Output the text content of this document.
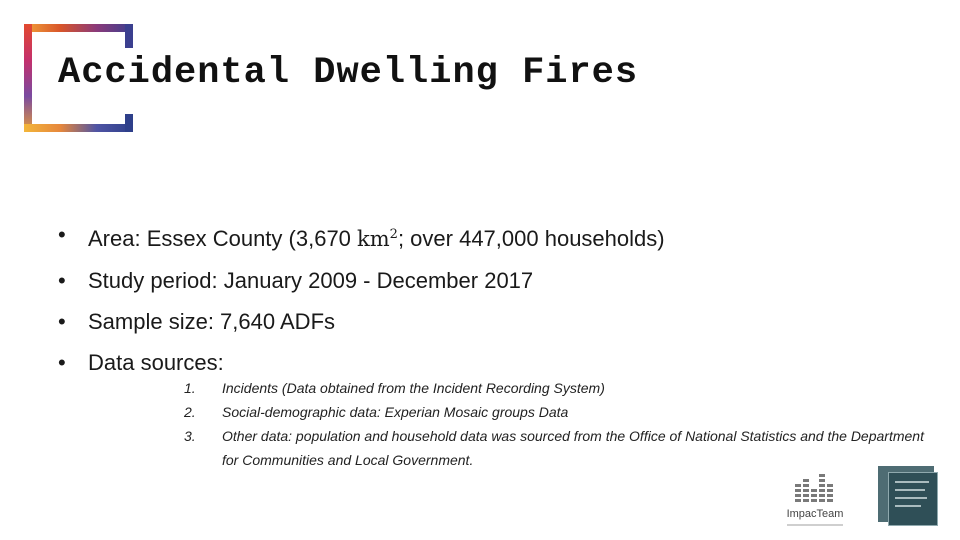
Accidental Dwelling Fires
• Area: Essex County (3,670 $km^2$; over 447,000 households)
• Study period: January 2009 - December 2017
• Sample size: 7,640 ADFs
• Data sources:
1.	Incidents (Data obtained from the Incident Recording System)
2.	Social-demographic data: Experian Mosaic groups Data
3.	Other data: population and household data was sourced from the Office of National Statistics and the Department for Communities and Local Government.
ImpacTeam
